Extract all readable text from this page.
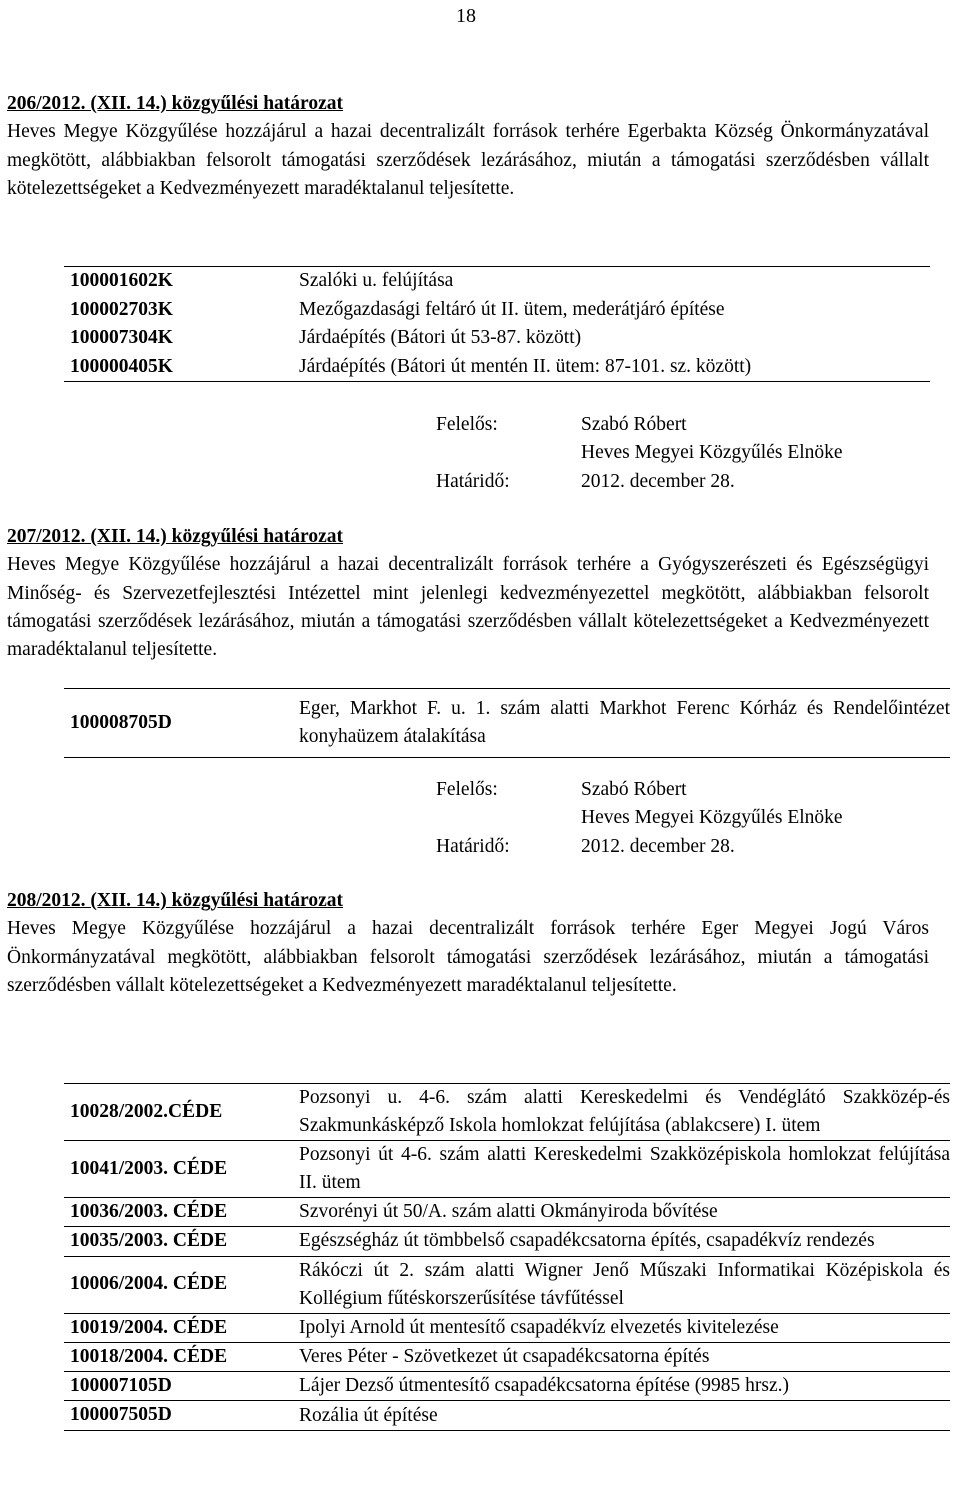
18
206/2012. (XII. 14.) közgyűlési határozat
Heves Megye Közgyűlése hozzájárul a hazai decentralizált források terhére Egerbakta Község Önkormányzatával megkötött, alábbiakban felsorolt támogatási szerződések lezárásához, miután a támogatási szerződésben vállalt kötelezettségeket a Kedvezményezett maradéktalanul teljesítette.
100001602K	Szalóki u. felújítása
100002703K	Mezőgazdasági feltáró út II. ütem, mederátjáró építése
100007304K	Járdaépítés (Bátori út 53-87. között)
100000405K	Járdaépítés (Bátori út mentén II. ütem: 87-101. sz. között)
Felelős:	Szabó Róbert
Heves Megyei Közgyűlés Elnöke
Határidő:	2012. december 28.
207/2012. (XII. 14.) közgyűlési határozat
Heves Megye Közgyűlése hozzájárul a hazai decentralizált források terhére a Gyógyszerészeti és Egészségügyi Minőség- és Szervezetfejlesztési Intézettel mint jelenlegi kedvezményezettel megkötött, alábbiakban felsorolt támogatási szerződések lezárásához, miután a támogatási szerződésben vállalt kötelezettségeket a Kedvezményezett maradéktalanul teljesítette.
100008705D	Eger, Markhot F. u. 1. szám alatti Markhot Ferenc Kórház és Rendelőintézet konyhaüzem átalakítása
Felelős:	Szabó Róbert
Heves Megyei Közgyűlés Elnöke
Határidő:	2012. december 28.
208/2012. (XII. 14.) közgyűlési határozat
Heves Megye Közgyűlése hozzájárul a hazai decentralizált források terhére Eger Megyei Jogú Város Önkormányzatával megkötött, alábbiakban felsorolt támogatási szerződések lezárásához, miután a támogatási szerződésben vállalt kötelezettségeket a Kedvezményezett maradéktalanul teljesítette.
10028/2002.CÉDE	Pozsonyi u. 4-6. szám alatti Kereskedelmi és Vendéglátó Szakközép-és Szakmunkásképző Iskola homlokzat felújítása (ablakcsere) I. ütem
10041/2003. CÉDE	Pozsonyi út 4-6. szám alatti Kereskedelmi Szakközépiskola homlokzat felújítása II. ütem
10036/2003. CÉDE	Szvorényi út 50/A. szám alatti Okmányiroda bővítése
10035/2003. CÉDE	Egészségház út tömbbelső csapadékcsatorna építés, csapadékvíz rendezés
10006/2004. CÉDE	Rákóczi út 2. szám alatti Wigner Jenő Műszaki Informatikai Középiskola és Kollégium fűtéskorszerűsítése távfűtéssel
10019/2004. CÉDE	Ipolyi Arnold út mentesítő csapadékvíz elvezetés kivitelezése
10018/2004. CÉDE	Veres Péter - Szövetkezet út csapadékcsatorna építés
100007105D	Lájer Dezső útmentesítő csapadékcsatorna építése (9985 hrsz.)
100007505D	Rozália út építése
